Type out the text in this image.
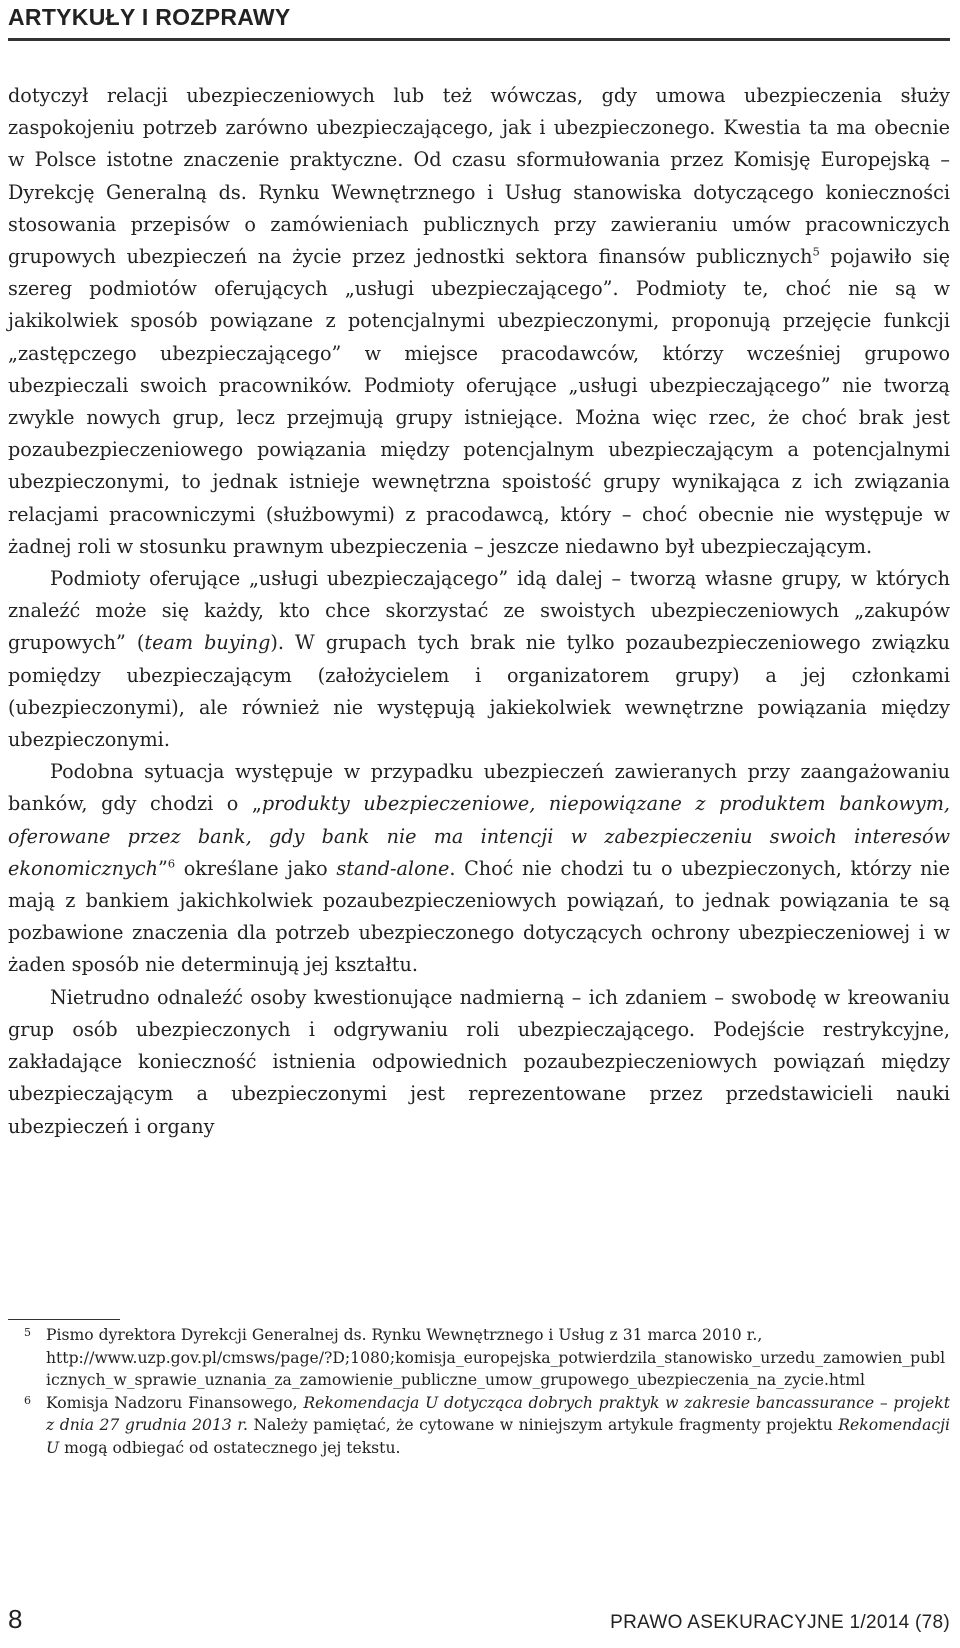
ARTYKUŁY I ROZPRAWY

dotyczył relacji ubezpieczeniowych lub też wówczas, gdy umowa ubezpieczenia służy zaspokojeniu potrzeb zarówno ubezpieczającego, jak i ubezpieczonego. Kwestia ta ma obecnie w Polsce istotne znaczenie praktyczne. Od czasu sformułowania przez Komisję Europejską – Dyrekcję Generalną ds. Rynku Wewnętrznego i Usług stanowiska dotyczącego konieczności stosowania przepisów o zamówieniach publicznych przy zawieraniu umów pracowniczych grupowych ubezpieczeń na życie przez jednostki sektora finansów publicznych$^5$ pojawiło się szereg podmiotów oferujących „usługi ubezpieczającego”. Podmioty te, choć nie są w jakikolwiek sposób powiązane z potencjalnymi ubezpieczonymi, proponują przejęcie funkcji „zastępczego ubezpieczającego” w miejsce pracodawców, którzy wcześniej grupowo ubezpieczali swoich pracowników. Podmioty oferujące „usługi ubezpieczającego” nie tworzą zwykle nowych grup, lecz przejmują grupy istniejące. Można więc rzec, że choć brak jest pozaubezpieczeniowego powiązania między potencjalnym ubezpieczającym a potencjalnymi ubezpieczonymi, to jednak istnieje wewnętrzna spoistość grupy wynikająca z ich związania relacjami pracowniczymi (służbowymi) z pracodawcą, który – choć obecnie nie występuje w żadnej roli w stosunku prawnym ubezpieczenia – jeszcze niedawno był ubezpieczającym.

Podmioty oferujące „usługi ubezpieczającego” idą dalej – tworzą własne grupy, w których znaleźć może się każdy, kto chce skorzystać ze swoistych ubezpieczeniowych „zakupów grupowych” (team buying). W grupach tych brak nie tylko pozaubezpieczeniowego związku pomiędzy ubezpieczającym (założycielem i organizatorem grupy) a jej członkami (ubezpieczonymi), ale również nie występują jakiekolwiek wewnętrzne powiązania między ubezpieczonymi.

Podobna sytuacja występuje w przypadku ubezpieczeń zawieranych przy zaangażowaniu banków, gdy chodzi o „produkty ubezpieczeniowe, niepowiązane z produktem bankowym, oferowane przez bank, gdy bank nie ma intencji w zabezpieczeniu swoich interesów ekonomicznych”$^6$ określane jako stand-alone. Choć nie chodzi tu o ubezpieczonych, którzy nie mają z bankiem jakichkolwiek pozaubezpieczeniowych powiązań, to jednak powiązania te są pozbawione znaczenia dla potrzeb ubezpieczonego dotyczących ochrony ubezpieczeniowej i w żaden sposób nie determinują jej kształtu.

Nietrudno odnaleźć osoby kwestionujące nadmierną – ich zdaniem – swobodę w kreowaniu grup osób ubezpieczonych i odgrywaniu roli ubezpieczającego. Podejście restrykcyjne, zakładające konieczność istnienia odpowiednich pozaubezpieczeniowych powiązań między ubezpieczającym a ubezpieczonymi jest reprezentowane przez przedstawicieli nauki ubezpieczeń i organy

5 Pismo dyrektora Dyrekcji Generalnej ds. Rynku Wewnętrznego i Usług z 31 marca 2010 r.,
http://www.uzp.gov.pl/cmsws/page/?D;1080;komisja_europejska_potwierdzila_stanowisko_urzedu_zamowien_publicznych_w_sprawie_uznania_za_zamowienie_publiczne_umow_grupowego_ubezpieczenia_na_zycie.html
6 Komisja Nadzoru Finansowego, Rekomendacja U dotycząca dobrych praktyk w zakresie bancassurance – projekt z dnia 27 grudnia 2013 r. Należy pamiętać, że cytowane w niniejszym artykule fragmenty projektu Rekomendacji U mogą odbiegać od ostatecznego jej tekstu.
8	PRAWO ASEKURACYJNE 1/2014 (78)
